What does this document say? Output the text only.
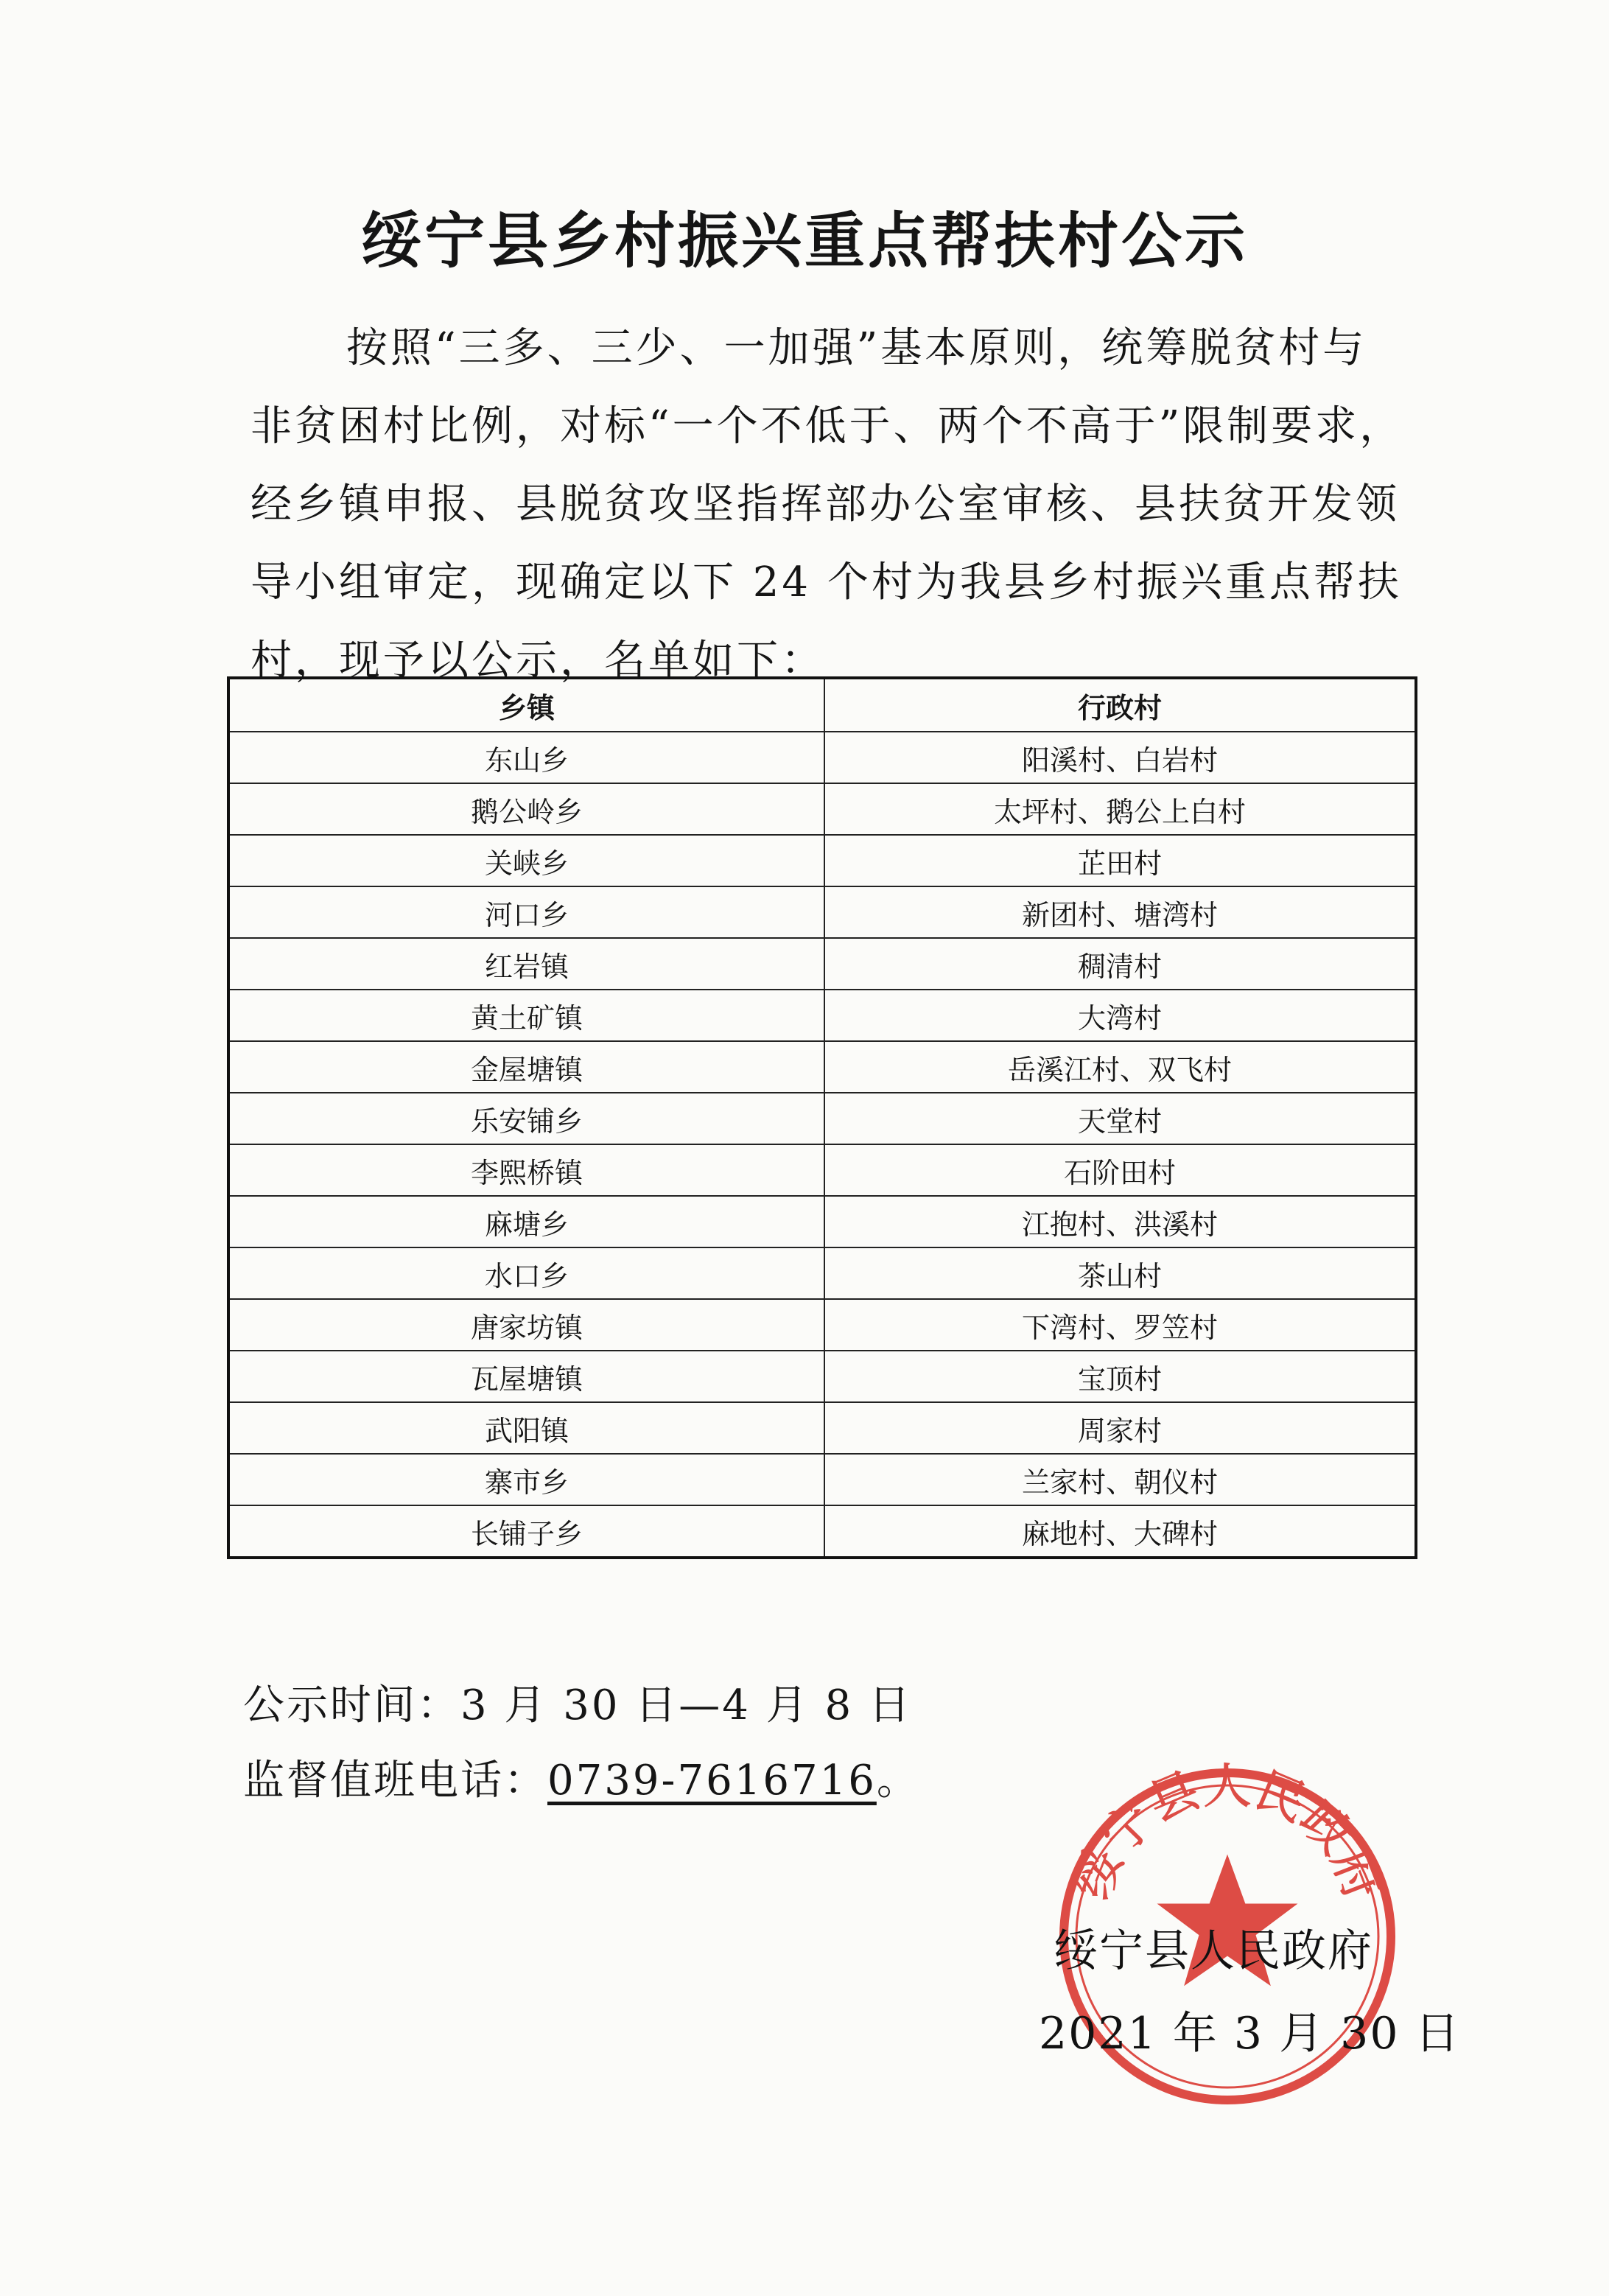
绥宁县乡村振兴重点帮扶村公示
按照“三多、三少、一加强”基本原则，统筹脱贫村与
非贫困村比例，对标“一个不低于、两个不高于”限制要求，
经乡镇申报、县脱贫攻坚指挥部办公室审核、县扶贫开发领
导小组审定，现确定以下 24 个村为我县乡村振兴重点帮扶
村，现予以公示，名单如下：
乡镇	行政村
东山乡	阳溪村、白岩村
鹅公岭乡	太坪村、鹅公上白村
关峡乡	芷田村
河口乡	新团村、塘湾村
红岩镇	稠清村
黄土矿镇	大湾村
金屋塘镇	岳溪江村、双飞村
乐安铺乡	天堂村
李熙桥镇	石阶田村
麻塘乡	江抱村、洪溪村
水口乡	茶山村
唐家坊镇	下湾村、罗笠村
瓦屋塘镇	宝顶村
武阳镇	周家村
寨市乡	兰家村、朝仪村
长铺子乡	麻地村、大碑村

公示时间：3 月 30 日—4 月 8 日

监督值班电话：0739-7616716。

绥宁县人民政府

绥宁县人民政府

2021 年 3 月 30 日
